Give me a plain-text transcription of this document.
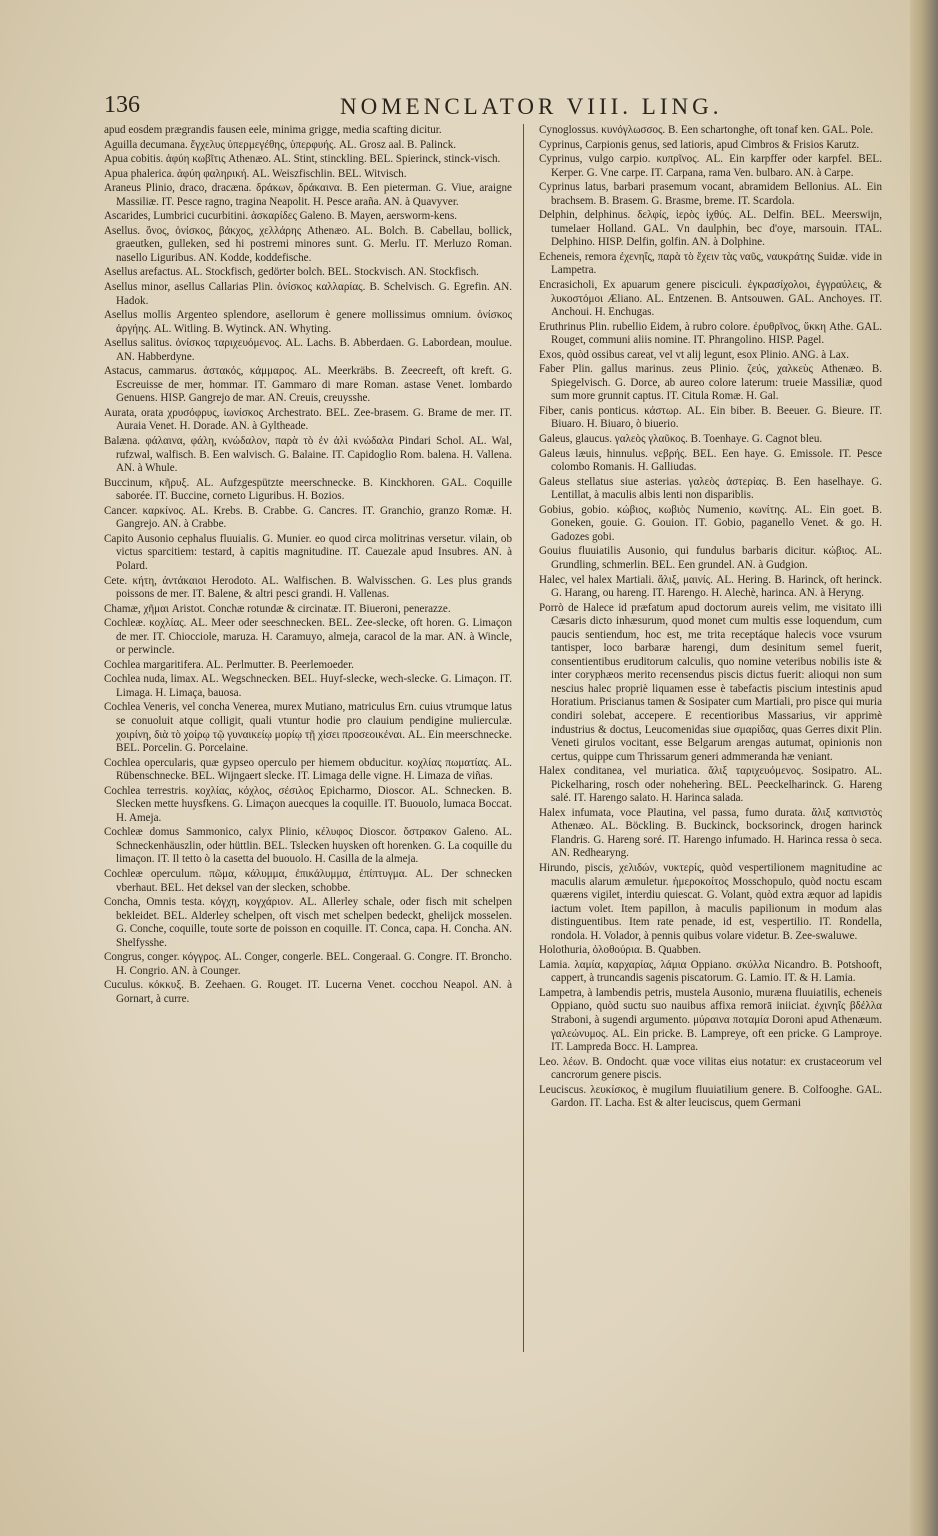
136	NOMENCLATOR VIII. LING.

apud eosdem prægrandis fausen eele, minima grigge, media scafting dicitur.

Aguilla decumana. ἔγχελυς ὑπερμεγέθης, ὑπερφυής. AL. Grosz aal. B. Palinck.

Apua cobitis. ἀφύη κωβῖτις Athenæo. AL. Stint, stinckling. BEL. Spierinck, stinck-visch.

Apua phalerica. ἀφύη φαληρική. AL. Weiszfischlin. BEL. Witvisch.

Araneus Plinio, draco, dracæna. δράκων, δράκαινα. B. Een pieterman. G. Viue, araigne Massiliæ. IT. Pesce ragno, tragina Neapolit. H. Pesce araña. AN. à Quavyver.

Ascarides, Lumbrici cucurbitini. ἀσκαρίδες Galeno. B. Mayen, aersworm-kens.

Asellus. ὄνος, ὀνίσκος, βάκχος, χελλάρης Athenæo. AL. Bolch. B. Cabellau, bollick, graeutken, gulleken, sed hi postremi minores sunt. G. Merlu. IT. Merluzo Roman. nasello Liguribus. AN. Kodde, koddefische.

Asellus arefactus. AL. Stockfisch, gedörter bolch. BEL. Stockvisch. AN. Stockfisch.

Asellus minor, asellus Callarias Plin. ὀνίσκος καλλαρίας. B. Schelvisch. G. Egrefin. AN. Hadok.

Asellus mollis Argenteo splendore, asellorum è genere mollissimus omnium. ὀνίσκος ἀργήης. AL. Witling. B. Wytinck. AN. Whyting.

Asellus salitus. ὀνίσκος ταριχευόμενος. AL. Lachs. B. Abberdaen. G. Labordean, moulue. AN. Habberdyne.

Astacus, cammarus. ἀστακός, κάμμαρος. AL. Meerkräbs. B. Zeecreeft, oft kreft. G. Escreuisse de mer, hommar. IT. Gammaro di mare Roman. astase Venet. lombardo Genuens. HISP. Gangrejo de mar. AN. Creuis, creuysshe.

Aurata, orata χρυσόφρυς, ἰωνίσκος Archestrato. BEL. Zee-brasem. G. Brame de mer. IT. Auraia Venet. H. Dorade. AN. à Gyltheade.

Balæna. φάλαινα, φάλη, κνώδαλον, παρὰ τὸ ἐν ἁλὶ κνώδαλα Pindari Schol. AL. Wal, rufzwal, walfisch. B. Een walvisch. G. Balaine. IT. Capidoglio Rom. balena. H. Vallena. AN. à Whule.

Buccinum, κῆρυξ. AL. Aufzgespützte meerschnecke. B. Kinckhoren. GAL. Coquille saborée. IT. Buccine, corneto Liguribus. H. Bozios.

Cancer. καρκίνος. AL. Krebs. B. Crabbe. G. Cancres. IT. Granchio, granzo Romæ. H. Gangrejo. AN. à Crabbe.

Capito Ausonio cephalus fluuialis. G. Munier. eo quod circa molitrinas versetur. vilain, ob victus sparcitiem: testard, à capitis magnitudine. IT. Cauezale apud Insubres. AN. à Polard.

Cete. κήτη, ἀντάκαιοι Herodoto. AL. Walfischen. B. Walvisschen. G. Les plus grands poissons de mer. IT. Balene, & altri pesci grandi. H. Vallenas.

Chamæ, χῆμαι Aristot. Conchæ rotundæ & circinatæ. IT. Biueroni, penerazze.

Cochleæ. κοχλίας. AL. Meer oder seeschnecken. BEL. Zee-slecke, oft horen. G. Limaçon de mer. IT. Chiocciole, maruza. H. Caramuyo, almeja, caracol de la mar. AN. à Wincle, or perwincle.

Cochlea margaritifera. AL. Perlmutter. B. Peerlemoeder.

Cochlea nuda, limax. AL. Wegschnecken. BEL. Huyf-slecke, wech-slecke. G. Limaçon. IT. Limaga. H. Limaça, bauosa.

Cochlea Veneris, vel concha Venerea, murex Mutiano, matriculus Ern. cuius vtrumque latus se conuoluit atque colligit, quali vtuntur hodie pro clauium pendigine mulierculæ. χοιρίνη, διὰ τὸ χοίρῳ τῷ γυναικείῳ μορίῳ τῇ χίσει προσεοικέναι. AL. Ein meerschnecke. BEL. Porcelin. G. Porcelaine.

Cochlea opercularis, quæ gypseo operculo per hiemem obducitur. κοχλίας πωματίας. AL. Rübenschnecke. BEL. Wijngaert slecke. IT. Limaga delle vigne. H. Limaza de viñas.

Cochlea terrestris. κοχλίας, κόχλος, σέσιλος Epicharmo, Dioscor. AL. Schnecken. B. Slecken mette huysfkens. G. Limaçon auecques la coquille. IT. Buouolo, lumaca Boccat. H. Ameja.

Cochleæ domus Sammonico, calyx Plinio, κέλυφος Dioscor. ὄστρακον Galeno. AL. Schneckenhäuszlin, oder hüttlin. BEL. Tslecken huysken oft horenken. G. La coquille du limaçon. IT. Il tetto ò la casetta del buouolo. H. Casilla de la almeja.

Cochleæ operculum. πῶμα, κάλυμμα, ἐπικάλυμμα, ἐπίπτυγμα. AL. Der schnecken vberhaut. BEL. Het deksel van der slecken, schobbe.

Concha, Omnis testa. κόγχη, κογχάριον. AL. Allerley schale, oder fisch mit schelpen bekleidet. BEL. Alderley schelpen, oft visch met schelpen bedeckt, ghelijck mosselen. G. Conche, coquille, toute sorte de poisson en coquille. IT. Conca, capa. H. Concha. AN. Shelfysshe.

Congrus, conger. κόγγρος. AL. Conger, congerle. BEL. Congeraal. G. Congre. IT. Broncho. H. Congrio. AN. à Counger.

Cuculus. κόκκυξ. B. Zeehaen. G. Rouget. IT. Lucerna Venet. cocchou Neapol. AN. à Gornart, à curre.

Cynoglossus. κυνόγλωσσος. B. Een schartonghe, oft tonaf ken. GAL. Pole.

Cyprinus, Carpionis genus, sed latioris, apud Cimbros & Frisios Karutz.

Cyprinus, vulgo carpio. κυπρῖνος. AL. Ein karpffer oder karpfel. BEL. Kerper. G. Vne carpe. IT. Carpana, rama Ven. bulbaro. AN. à Carpe.

Cyprinus latus, barbari prasemum vocant, abramidem Bellonius. AL. Ein brachsem. B. Brasem. G. Brasme, breme. IT. Scardola.

Delphin, delphinus. δελφίς, ἱερὸς ἰχθύς. AL. Delfin. BEL. Meerswijn, tumelaer Holland. GAL. Vn daulphin, bec d'oye, marsouin. ITAL. Delphino. HISP. Delfin, golfin. AN. à Dolphine.

Echeneis, remora ἐχενηΐς, παρὰ τὸ ἔχειν τὰς ναῦς, ναυκράτης Suidæ. vide in Lampetra.

Encrasicholi, Ex apuarum genere pisciculi. ἐγκρασίχολοι, ἐγγραύλεις, & λυκοστόμοι Æliano. AL. Entzenen. B. Antsouwen. GAL. Anchoyes. IT. Anchoui. H. Enchugas.

Eruthrinus Plin. rubellio Eidem, à rubro colore. ἐρυθρῖνος, ὕκκη Athe. GAL. Rouget, communi aliis nomine. IT. Phrangolino. HISP. Pagel.

Exos, quòd ossibus careat, vel vt alij legunt, esox Plinio. ANG. à Lax.

Faber Plin. gallus marinus. zeus Plinio. ζεύς, χαλκεὺς Athenæo. B. Spiegelvisch. G. Dorce, ab aureo colore laterum: trueie Massiliæ, quod sum more grunnit captus. IT. Citula Romæ. H. Gal.

Fiber, canis ponticus. κάστωρ. AL. Ein biber. B. Beeuer. G. Bieure. IT. Biuaro. H. Biuaro, ò biuerio.

Galeus, glaucus. γαλεὸς γλαῦκος. B. Toenhaye. G. Cagnot bleu.

Galeus læuis, hinnulus. νεβρής. BEL. Een haye. G. Emissole. IT. Pesce colombo Romanis. H. Galliudas.

Galeus stellatus siue asterias. γαλεὸς ἀστερίας. B. Een haselhaye. G. Lentillat, à maculis albis lenti non dispariblis.

Gobius, gobio. κώβιος, κωβιὸς Numenio, κωνίτης. AL. Ein goet. B. Goneken, gouie. G. Gouion. IT. Gobio, paganello Venet. & go. H. Gadozes gobi.

Gouius fluuiatilis Ausonio, qui fundulus barbaris dicitur. κώβιος. AL. Grundling, schmerlin. BEL. Een grundel. AN. à Gudgion.

Halec, vel halex Martiali. ἅλιξ, μαινίς. AL. Hering. B. Harinck, oft herinck. G. Harang, ou hareng. IT. Harengo. H. Alechè, harinca. AN. à Heryng.

Porrò de Halece id præfatum apud doctorum aureis velim, me visitato illi Cæsaris dicto inhæsurum, quod monet cum multis esse loquendum, cum paucis sentiendum, hoc est, me trita receptáque halecis voce vsurum tantisper, loco barbaræ harengi, dum desinitum semel fuerit, consentientibus eruditorum calculis, quo nomine veteribus nobilis iste & inter coryphæos merito recensendus piscis dictus fuerit: alioqui non sum nescius halec propriè liquamen esse è tabefactis piscium intestinis apud Horatium. Priscianus tamen & Sosipater cum Martiali, pro pisce qui muria condiri solebat, accepere. E recentioribus Massarius, vir apprimè industrius & doctus, Leucomenidas siue σμαρίδας, quas Gerres dixit Plin. Veneti girulos vocitant, esse Belgarum arengas autumat, opinionis non certus, quippe cum Thrissarum generi admmeranda hæ veniant.

Halex conditanea, vel muriatica. ἅλιξ ταριχευόμενος. Sosipatro. AL. Pickelharing, rosch oder noheherìng. BEL. Peeckelharinck. G. Hareng salé. IT. Harengo salato. H. Harinca salada.

Halex infumata, voce Plautina, vel passa, fumo durata. ἅλιξ καπνιστὸς Athenæo. AL. Böckling. B. Buckinck, bocksorinck, drogen harinck Flandris. G. Hareng soré. IT. Harengo infumado. H. Harinca ressa ò seca. AN. Redhearyng.

Hirundo, piscis, χελιδών, νυκτερίς, quòd vespertilionem magnitudine ac maculis alarum æmuletur. ἡμεροκοίτος Mosschopulo, quòd noctu escam quærens vigilet, interdiu quiescat. G. Volant, quòd extra æquor ad lapidis iactum volet. Item papillon, à maculis papilionum in modum alas distinguentibus. Item rate penade, id est, vespertilio. IT. Rondella, rondola. H. Volador, à pennis quibus volare videtur. B. Zee-swaluwe.

Holothuria, ὁλοθούρια. B. Quabben.

Lamia. λαμία, καρχαρίας, λάμια Oppiano. σκύλλα Nicandro. B. Potshooft, cappert, à truncandis sagenis piscatorum. G. Lamio. IT. & H. Lamia.

Lampetra, à lambendis petris, mustela Ausonio, muræna fluuiatilis, echeneis Oppiano, quòd suctu suo nauibus affixa remorā iniiciat. ἐχινηΐς βδέλλα Straboni, à sugendi argumento. μύραινα ποταμία Doroni apud Athenæum. γαλεώνυμος. AL. Ein pricke. B. Lampreye, oft een pricke. G Lamproye. IT. Lampreda Bocc. H. Lamprea.

Leo. λέων. B. Ondocht. quæ voce vilitas eius notatur: ex crustaceorum vel cancrorum genere piscis.

Leuciscus. λευκίσκος, è mugilum fluuiatilium genere. B. Colfooghe. GAL. Gardon. IT. Lacha. Est & alter leuciscus, quem Germani
